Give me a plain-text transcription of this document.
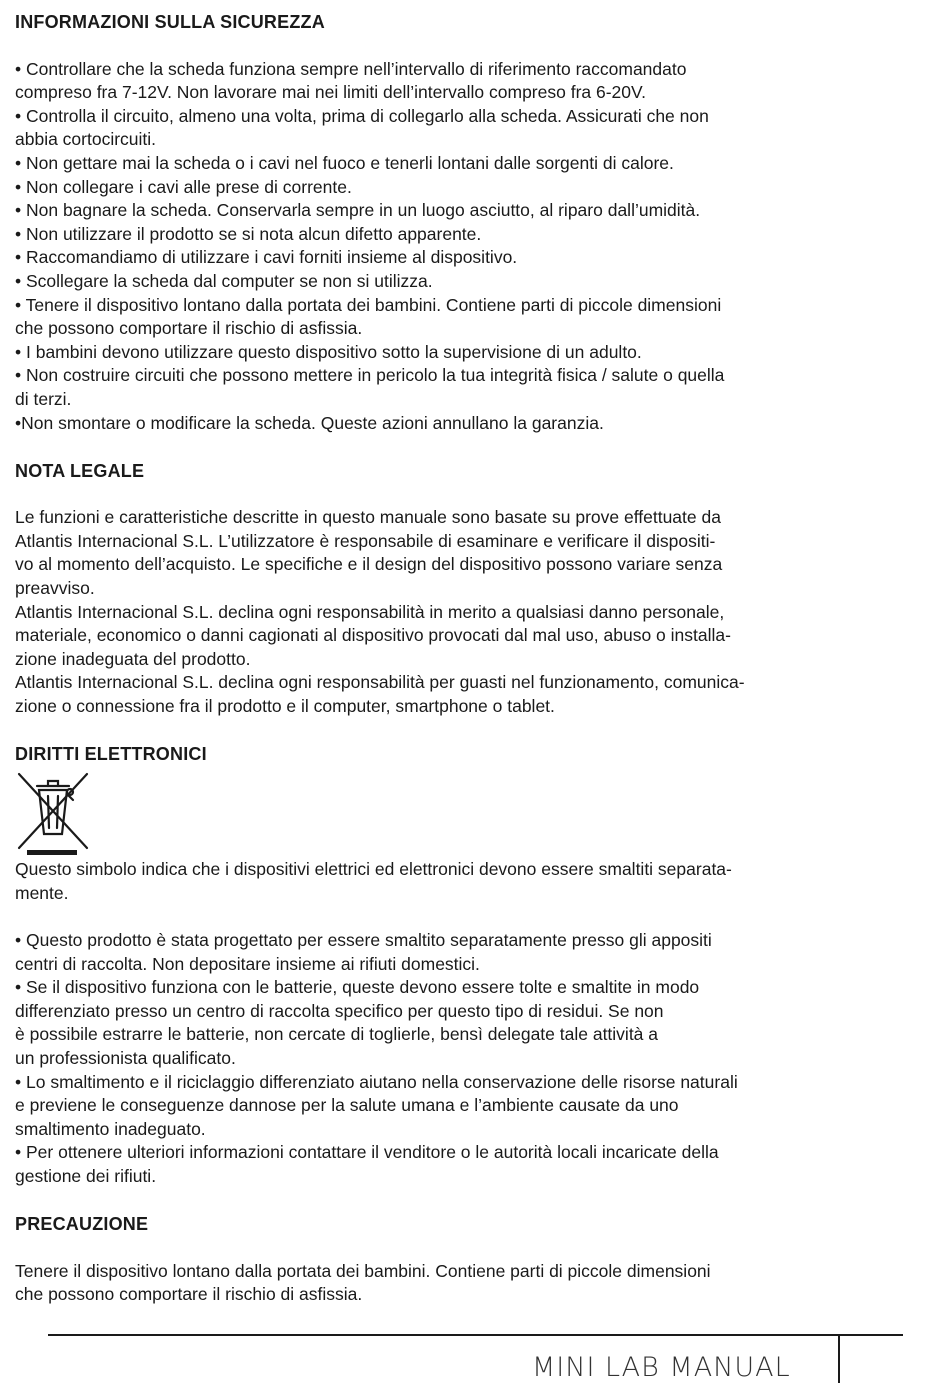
INFORMAZIONI SULLA SICUREZZA
• Controllare che la scheda funziona sempre nell’intervallo di riferimento raccomandato
compreso fra 7-12V. Non lavorare mai nei limiti dell’intervallo compreso fra 6-20V.
• Controlla il circuito, almeno una volta, prima di collegarlo alla scheda. Assicurati che non
abbia cortocircuiti.
• Non gettare mai la scheda o i cavi nel fuoco e tenerli lontani dalle sorgenti di calore.
• Non collegare i cavi alle prese di corrente.
• Non bagnare la scheda. Conservarla sempre in un luogo asciutto, al riparo dall’umidità.
• Non utilizzare il prodotto se si nota alcun difetto apparente.
• Raccomandiamo di utilizzare i cavi forniti insieme al dispositivo.
• Scollegare la scheda dal computer se non si utilizza.
• Tenere il dispositivo lontano dalla portata dei bambini. Contiene parti di piccole dimensioni
che possono comportare il rischio di asfissia.
• I bambini devono utilizzare questo dispositivo sotto la supervisione di un adulto.
• Non costruire circuiti che possono mettere in pericolo la tua integrità fisica / salute o quella
di terzi.
•Non smontare o modificare la scheda. Queste azioni annullano la garanzia.
NOTA LEGALE

Le funzioni e caratteristiche descritte in questo manuale sono basate su prove effettuate da
Atlantis Internacional S.L. L’utilizzatore è responsabile di esaminare e verificare il dispositi-
vo al momento dell’acquisto. Le specifiche e il design del dispositivo possono variare senza
preavviso.

Atlantis Internacional S.L. declina ogni responsabilità in merito a qualsiasi danno personale,
materiale, economico o danni cagionati al dispositivo provocati dal mal uso, abuso o installa-
zione inadeguata del prodotto.

Atlantis Internacional S.L. declina ogni responsabilità per guasti nel funzionamento, comunica-
zione o connessione fra il prodotto e il computer, smartphone o tablet.

DIRITTI ELETTRONICI

Questo simbolo indica che i dispositivi elettrici ed elettronici devono essere smaltiti separata-
mente.

• Questo prodotto è stata progettato per essere smaltito separatamente presso gli appositi
centri di raccolta. Non depositare insieme ai rifiuti domestici.
• Se il dispositivo funziona con le batterie, queste devono essere tolte e smaltite in modo
differenziato presso un centro di raccolta specifico per questo tipo di residui. Se non
è possibile estrarre le batterie, non cercate di toglierle, bensì delegate tale attività a
un professionista qualificato.
• Lo smaltimento e il riciclaggio differenziato aiutano nella conservazione delle risorse naturali
e previene le conseguenze dannose per la salute umana e l’ambiente causate da uno
smaltimento inadeguato.
• Per ottenere ulteriori informazioni contattare il venditore o le autorità locali incaricate della
gestione dei rifiuti.
PRECAUZIONE

Tenere il dispositivo lontano dalla portata dei bambini. Contiene parti di piccole dimensioni
che possono comportare il rischio di asfissia.

MINI LAB MANUAL
